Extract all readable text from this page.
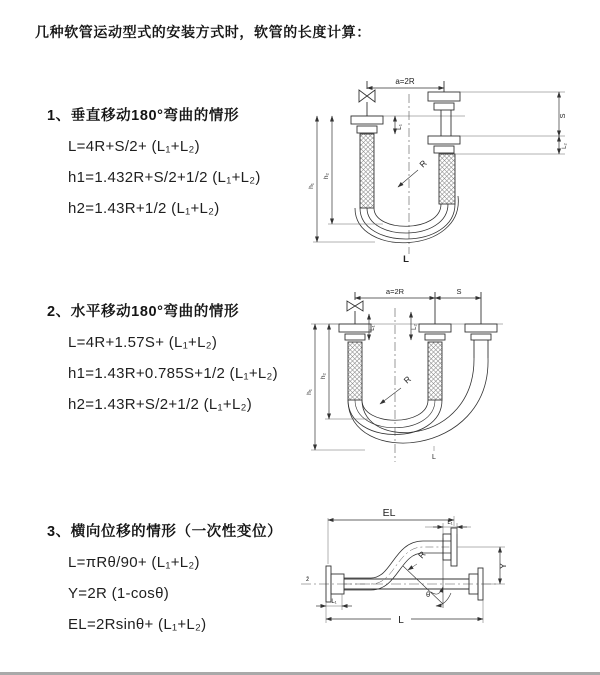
几种软管运动型式的安装方式时，软管的长度计算：
1、垂直移动180°弯曲的情形
L=4R+S/2+ (L₁+L₂)
h1=1.432R+S/2+1/2 (L₁+L₂)
h2=1.43R+1/2 (L₁+L₂)
2、水平移动180°弯曲的情形
L=4R+1.57S+ (L₁+L₂)
h1=1.43R+0.785S+1/2 (L₁+L₂)
h2=1.43R+S/2+1/2 (L₁+L₂)
3、横向位移的情形（一次性变位）
L=πRθ/90+ (L₁+L₂)
Y=2R (1-cosθ)
EL=2Rsinθ+ (L₁+L₂)
a=2R
L₁
S
L₂
h₁
h₂
R
L
a=2R	S
L₁	L₂
h₁
h₂	R
L
EL
L₁
Y
L₁
L
R
θ
z̄
